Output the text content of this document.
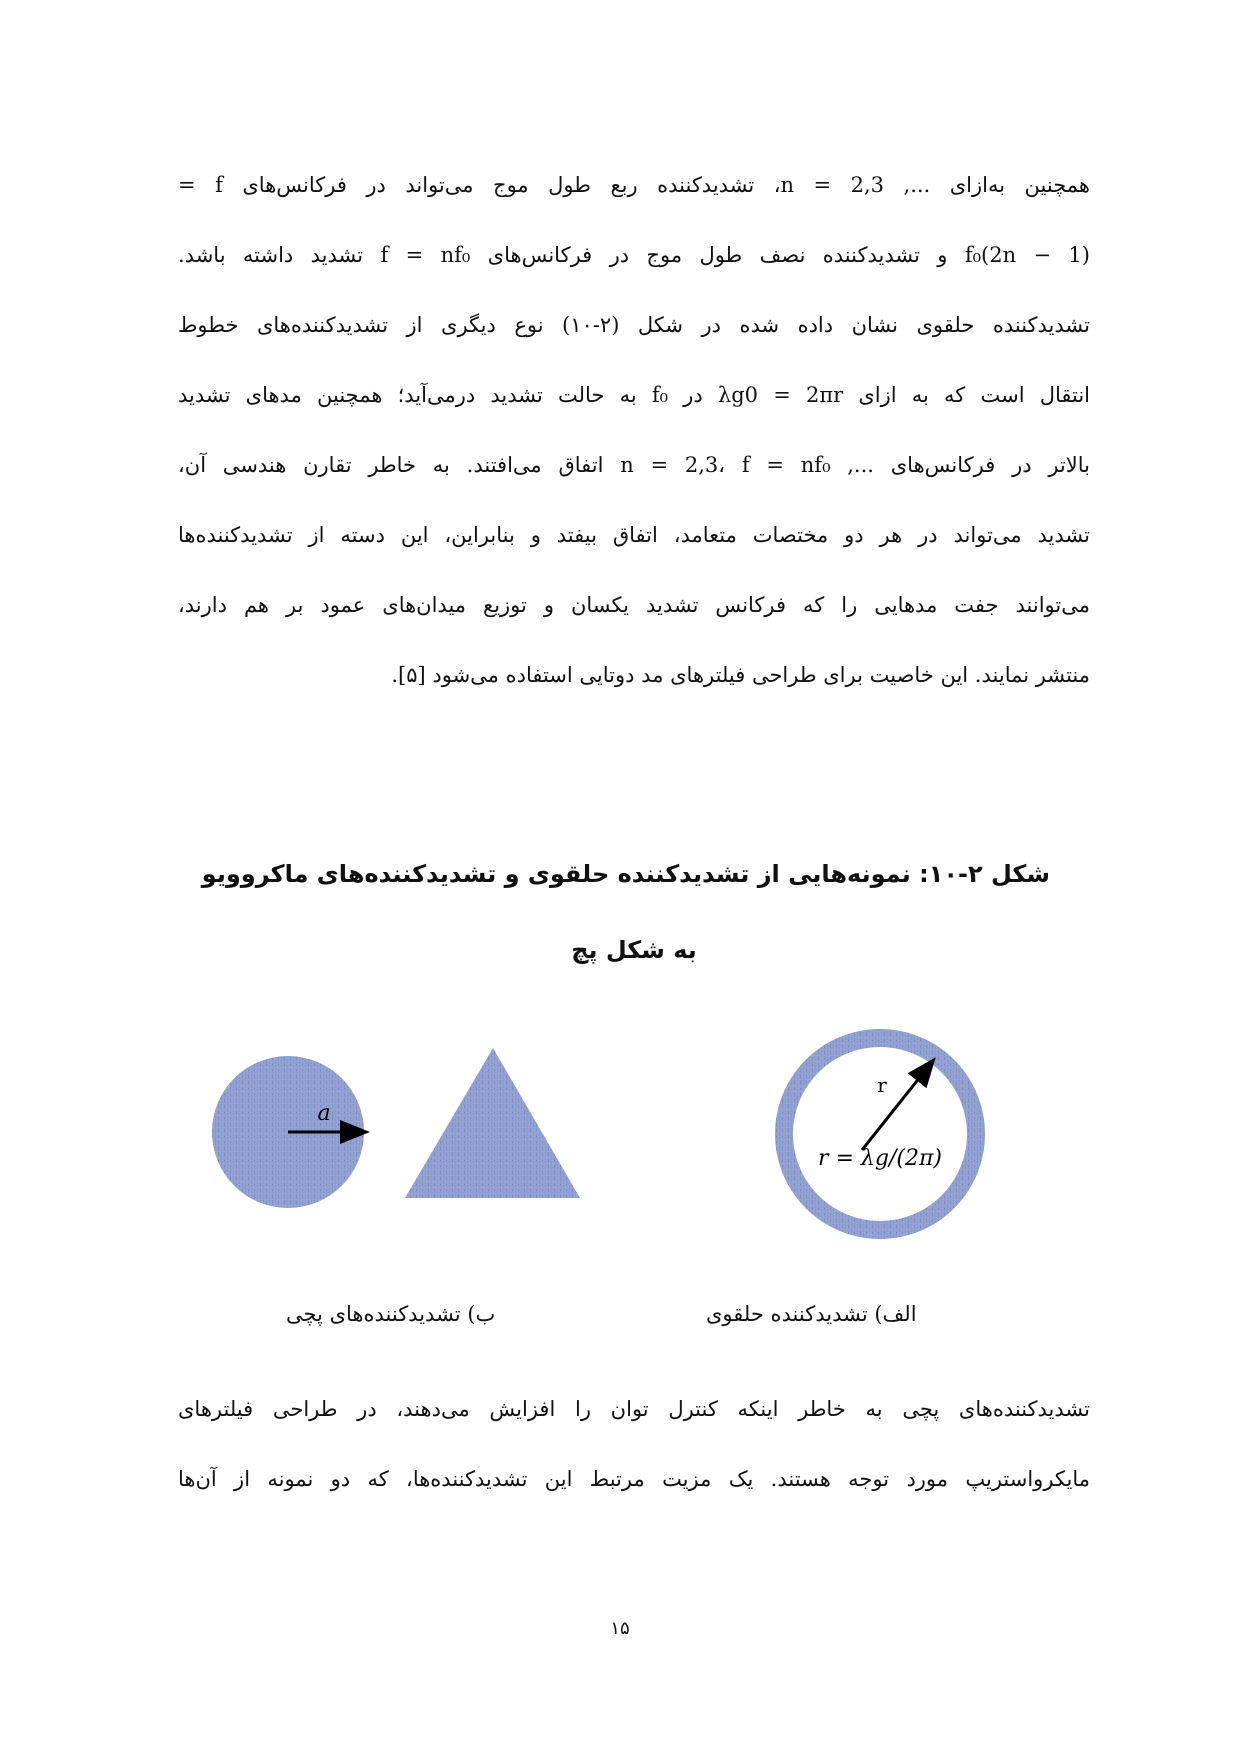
همچنین به‌ازای ..., n = 2,3، تشدیدکننده ربع طول موج می‌تواند در فرکانس‌های f =
(2n − 1)f₀ و تشدیدکننده نصف طول موج در فرکانس‌های f = nf₀ تشدید داشته باشد.
تشدیدکننده حلقوی نشان داده شده در شکل (۲-۱۰) نوع دیگری از تشدیدکننده‌های خطوط
انتقال است که به ازای λg0 = 2πr در f₀ به حالت تشدید درمی‌آید؛ همچنین مدهای تشدید
بالاتر در فرکانس‌های ..., n = 2,3، f = nf₀ اتفاق می‌افتند. به خاطر تقارن هندسی آن،
تشدید می‌تواند در هر دو مختصات متعامد، اتفاق بیفتد و بنابراین، این دسته از تشدیدکننده‌ها
می‌توانند جفت مدهایی را که فرکانس تشدید یکسان و توزیع میدان‌های عمود بر هم دارند،
منتشر نمایند. این خاصیت برای طراحی فیلترهای مد دوتایی استفاده می‌شود [۵].
شکل ۲-۱۰: نمونه‌هایی از تشدیدکننده حلقوی و تشدیدکننده‌های ماکروویو
به شکل پچ
a
r
r = λg/(2π)
الف) تشدیدکننده حلقوی
ب) تشدیدکننده‌های پچی
تشدیدکننده‌های پچی به خاطر اینکه کنترل توان را افزایش می‌دهند، در طراحی فیلترهای
مایکرواستریپ مورد توجه هستند. یک مزیت مرتبط این تشدیدکننده‌ها، که دو نمونه از آن‌ها
۱۵
